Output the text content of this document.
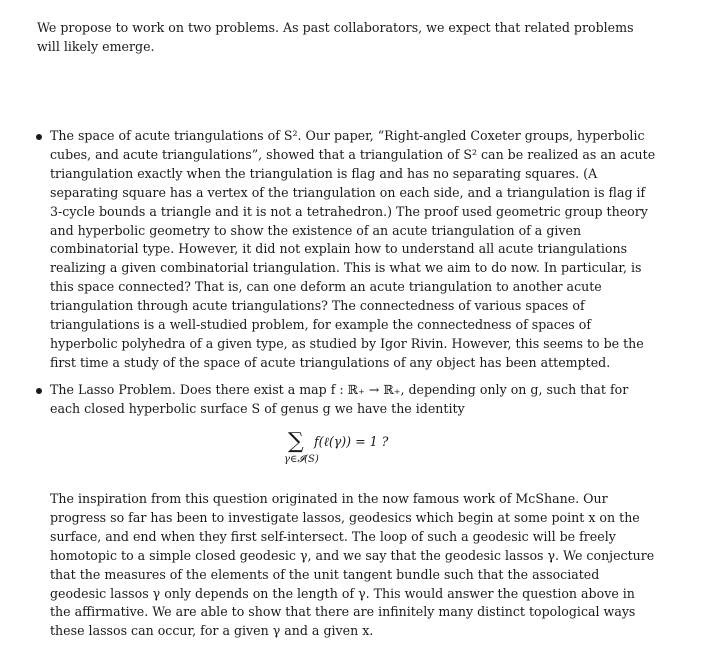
We propose to work on two problems. As past collaborators, we expect that related problems will likely emerge.

The space of acute triangulations of S². Our paper, “Right-angled Coxeter groups, hyperbolic cubes, and acute triangulations”, showed that a triangulation of S² can be realized as an acute triangulation exactly when the triangulation is flag and has no separating squares. (A separating square has a vertex of the triangulation on each side, and a triangulation is flag if 3-cycle bounds a triangle and it is not a tetrahedron.) The proof used geometric group theory and hyperbolic geometry to show the existence of an acute triangulation of a given combinatorial type. However, it did not explain how to understand all acute triangulations realizing a given combinatorial triangulation. This is what we aim to do now. In particular, is this space connected? That is, can one deform an acute triangulation to another acute triangulation through acute triangulations? The connectedness of various spaces of triangulations is a well-studied problem, for example the connectedness of spaces of hyperbolic polyhedra of a given type, as studied by Igor Rivin. However, this seems to be the first time a study of the space of acute triangulations of any object has been attempted.

The Lasso Problem. Does there exist a map f : ℝ₊ → ℝ₊, depending only on g, such that for each closed hyperbolic surface S of genus g we have the identity

∑
γ∈𝓘(S)
f(ℓ(γ)) = 1 ?

The inspiration from this question originated in the now famous work of McShane. Our progress so far has been to investigate lassos, geodesics which begin at some point x on the surface, and end when they first self-intersect. The loop of such a geodesic will be freely homotopic to a simple closed geodesic γ, and we say that the geodesic lassos γ. We conjecture that the measures of the elements of the unit tangent bundle such that the associated geodesic lassos γ only depends on the length of γ. This would answer the question above in the affirmative. We are able to show that there are infinitely many distinct topological ways these lassos can occur, for a given γ and a given x.
